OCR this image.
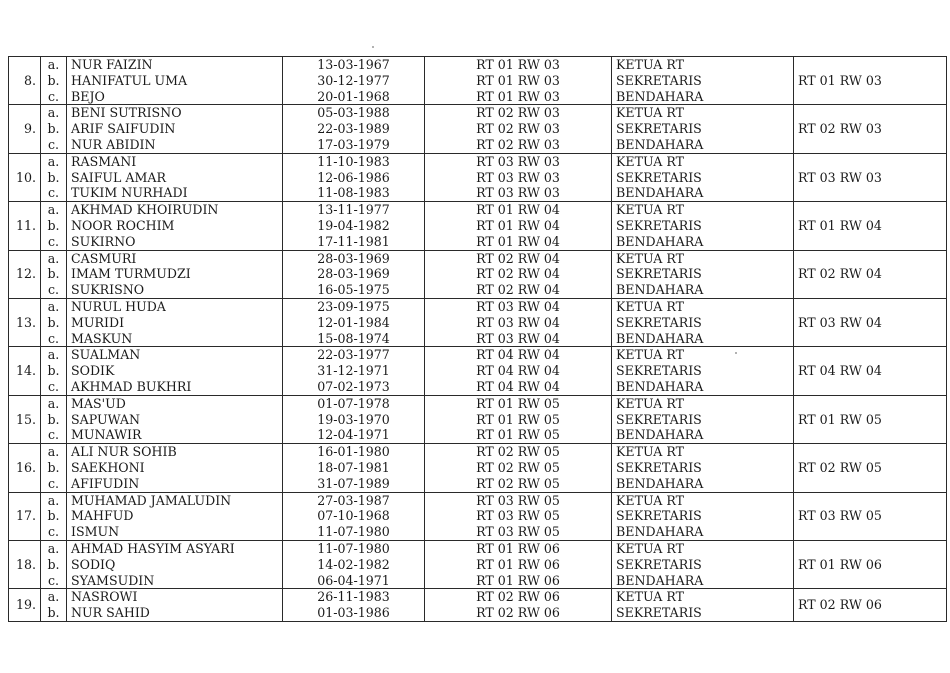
8.	a.	NUR FAIZIN	13-03-1967	RT 01 RW 03	KETUA RT	RT 01 RW 03
	b.	HANIFATUL UMA	30-12-1977	RT 01 RW 03	SEKRETARIS	
	c.	BEJO	20-01-1968	RT 01 RW 03	BENDAHARA	
9.	a.	BENI SUTRISNO	05-03-1988	RT 02 RW 03	KETUA RT	RT 02 RW 03
	b.	ARIF SAIFUDIN	22-03-1989	RT 02 RW 03	SEKRETARIS	
	c.	NUR ABIDIN	17-03-1979	RT 02 RW 03	BENDAHARA	
10.	a.	RASMANI	11-10-1983	RT 03 RW 03	KETUA RT	RT 03 RW 03
	b.	SAIFUL AMAR	12-06-1986	RT 03 RW 03	SEKRETARIS	
	c.	TUKIM NURHADI	11-08-1983	RT 03 RW 03	BENDAHARA	
11.	a.	AKHMAD KHOIRUDIN	13-11-1977	RT 01 RW 04	KETUA RT	RT 01 RW 04
	b.	NOOR ROCHIM	19-04-1982	RT 01 RW 04	SEKRETARIS	
	c.	SUKIRNO	17-11-1981	RT 01 RW 04	BENDAHARA	
12.	a.	CASMURI	28-03-1969	RT 02 RW 04	KETUA RT	RT 02 RW 04
	b.	IMAM TURMUDZI	28-03-1969	RT 02 RW 04	SEKRETARIS	
	c.	SUKRISNO	16-05-1975	RT 02 RW 04	BENDAHARA	
13.	a.	NURUL HUDA	23-09-1975	RT 03 RW 04	KETUA RT	RT 03 RW 04
	b.	MURIDI	12-01-1984	RT 03 RW 04	SEKRETARIS	
	c.	MASKUN	15-08-1974	RT 03 RW 04	BENDAHARA	
14.	a.	SUALMAN	22-03-1977	RT 04 RW 04	KETUA RT	RT 04 RW 04
	b.	SODIK	31-12-1971	RT 04 RW 04	SEKRETARIS	
	c.	AKHMAD BUKHRI	07-02-1973	RT 04 RW 04	BENDAHARA	
15.	a.	MAS'UD	01-07-1978	RT 01 RW 05	KETUA RT	RT 01 RW 05
	b.	SAPUWAN	19-03-1970	RT 01 RW 05	SEKRETARIS	
	c.	MUNAWIR	12-04-1971	RT 01 RW 05	BENDAHARA	
16.	a.	ALI NUR SOHIB	16-01-1980	RT 02 RW 05	KETUA RT	RT 02 RW 05
	b.	SAEKHONI	18-07-1981	RT 02 RW 05	SEKRETARIS	
	c.	AFIFUDIN	31-07-1989	RT 02 RW 05	BENDAHARA	
17.	a.	MUHAMAD JAMALUDIN	27-03-1987	RT 03 RW 05	KETUA RT	RT 03 RW 05
	b.	MAHFUD	07-10-1968	RT 03 RW 05	SEKRETARIS	
	c.	ISMUN	11-07-1980	RT 03 RW 05	BENDAHARA	
18.	a.	AHMAD HASYIM ASYARI	11-07-1980	RT 01 RW 06	KETUA RT	RT 01 RW 06
	b.	SODIQ	14-02-1982	RT 01 RW 06	SEKRETARIS	
	c.	SYAMSUDIN	06-04-1971	RT 01 RW 06	BENDAHARA	
19.	a.	NASROWI	26-11-1983	RT 02 RW 06	KETUA RT	RT 02 RW 06
	b.	NUR SAHID	01-03-1986	RT 02 RW 06	SEKRETARIS	
